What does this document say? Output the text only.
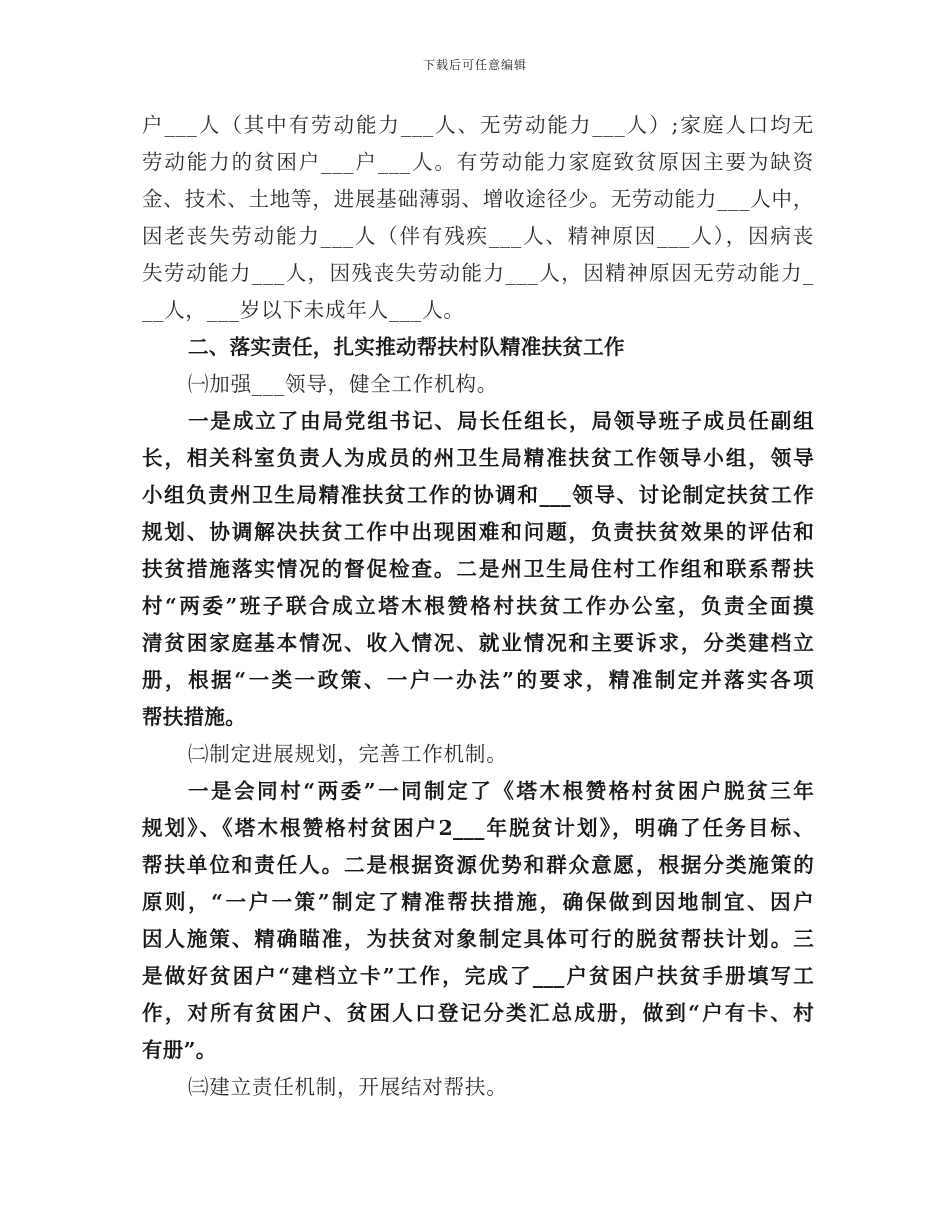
下载后可任意编辑
户___人（其中有劳动能力___人、无劳动能力___人）;家庭人口均无
劳动能力的贫困户___户___人。有劳动能力家庭致贫原因主要为缺资
金、技术、土地等，进展基础薄弱、增收途径少。无劳动能力___人中，
因老丧失劳动能力___人（伴有残疾___人、精神原因___人），因病丧
失劳动能力___人，因残丧失劳动能力___人，因精神原因无劳动能力_
__人，___岁以下未成年人___人。
二、落实责任，扎实推动帮扶村队精准扶贫工作
㈠加强___领导，健全工作机构。
一是成立了由局党组书记、局长任组长，局领导班子成员任副组
长，相关科室负责人为成员的州卫生局精准扶贫工作领导小组，领导
小组负责州卫生局精准扶贫工作的协调和___领导、讨论制定扶贫工作
规划、协调解决扶贫工作中出现困难和问题，负责扶贫效果的评估和
扶贫措施落实情况的督促检查。二是州卫生局住村工作组和联系帮扶
村“两委”班子联合成立塔木根赞格村扶贫工作办公室，负责全面摸
清贫困家庭基本情况、收入情况、就业情况和主要诉求，分类建档立
册，根据“一类一政策、一户一办法”的要求，精准制定并落实各项
帮扶措施。
㈡制定进展规划，完善工作机制。
一是会同村“两委”一同制定了《塔木根赞格村贫困户脱贫三年
规划》、《塔木根赞格村贫困户2___年脱贫计划》，明确了任务目标、
帮扶单位和责任人。二是根据资源优势和群众意愿，根据分类施策的
原则，“一户一策”制定了精准帮扶措施，确保做到因地制宜、因户
因人施策、精确瞄准，为扶贫对象制定具体可行的脱贫帮扶计划。三
是做好贫困户“建档立卡”工作，完成了___户贫困户扶贫手册填写工
作，对所有贫困户、贫困人口登记分类汇总成册，做到“户有卡、村
有册”。
㈢建立责任机制，开展结对帮扶。
